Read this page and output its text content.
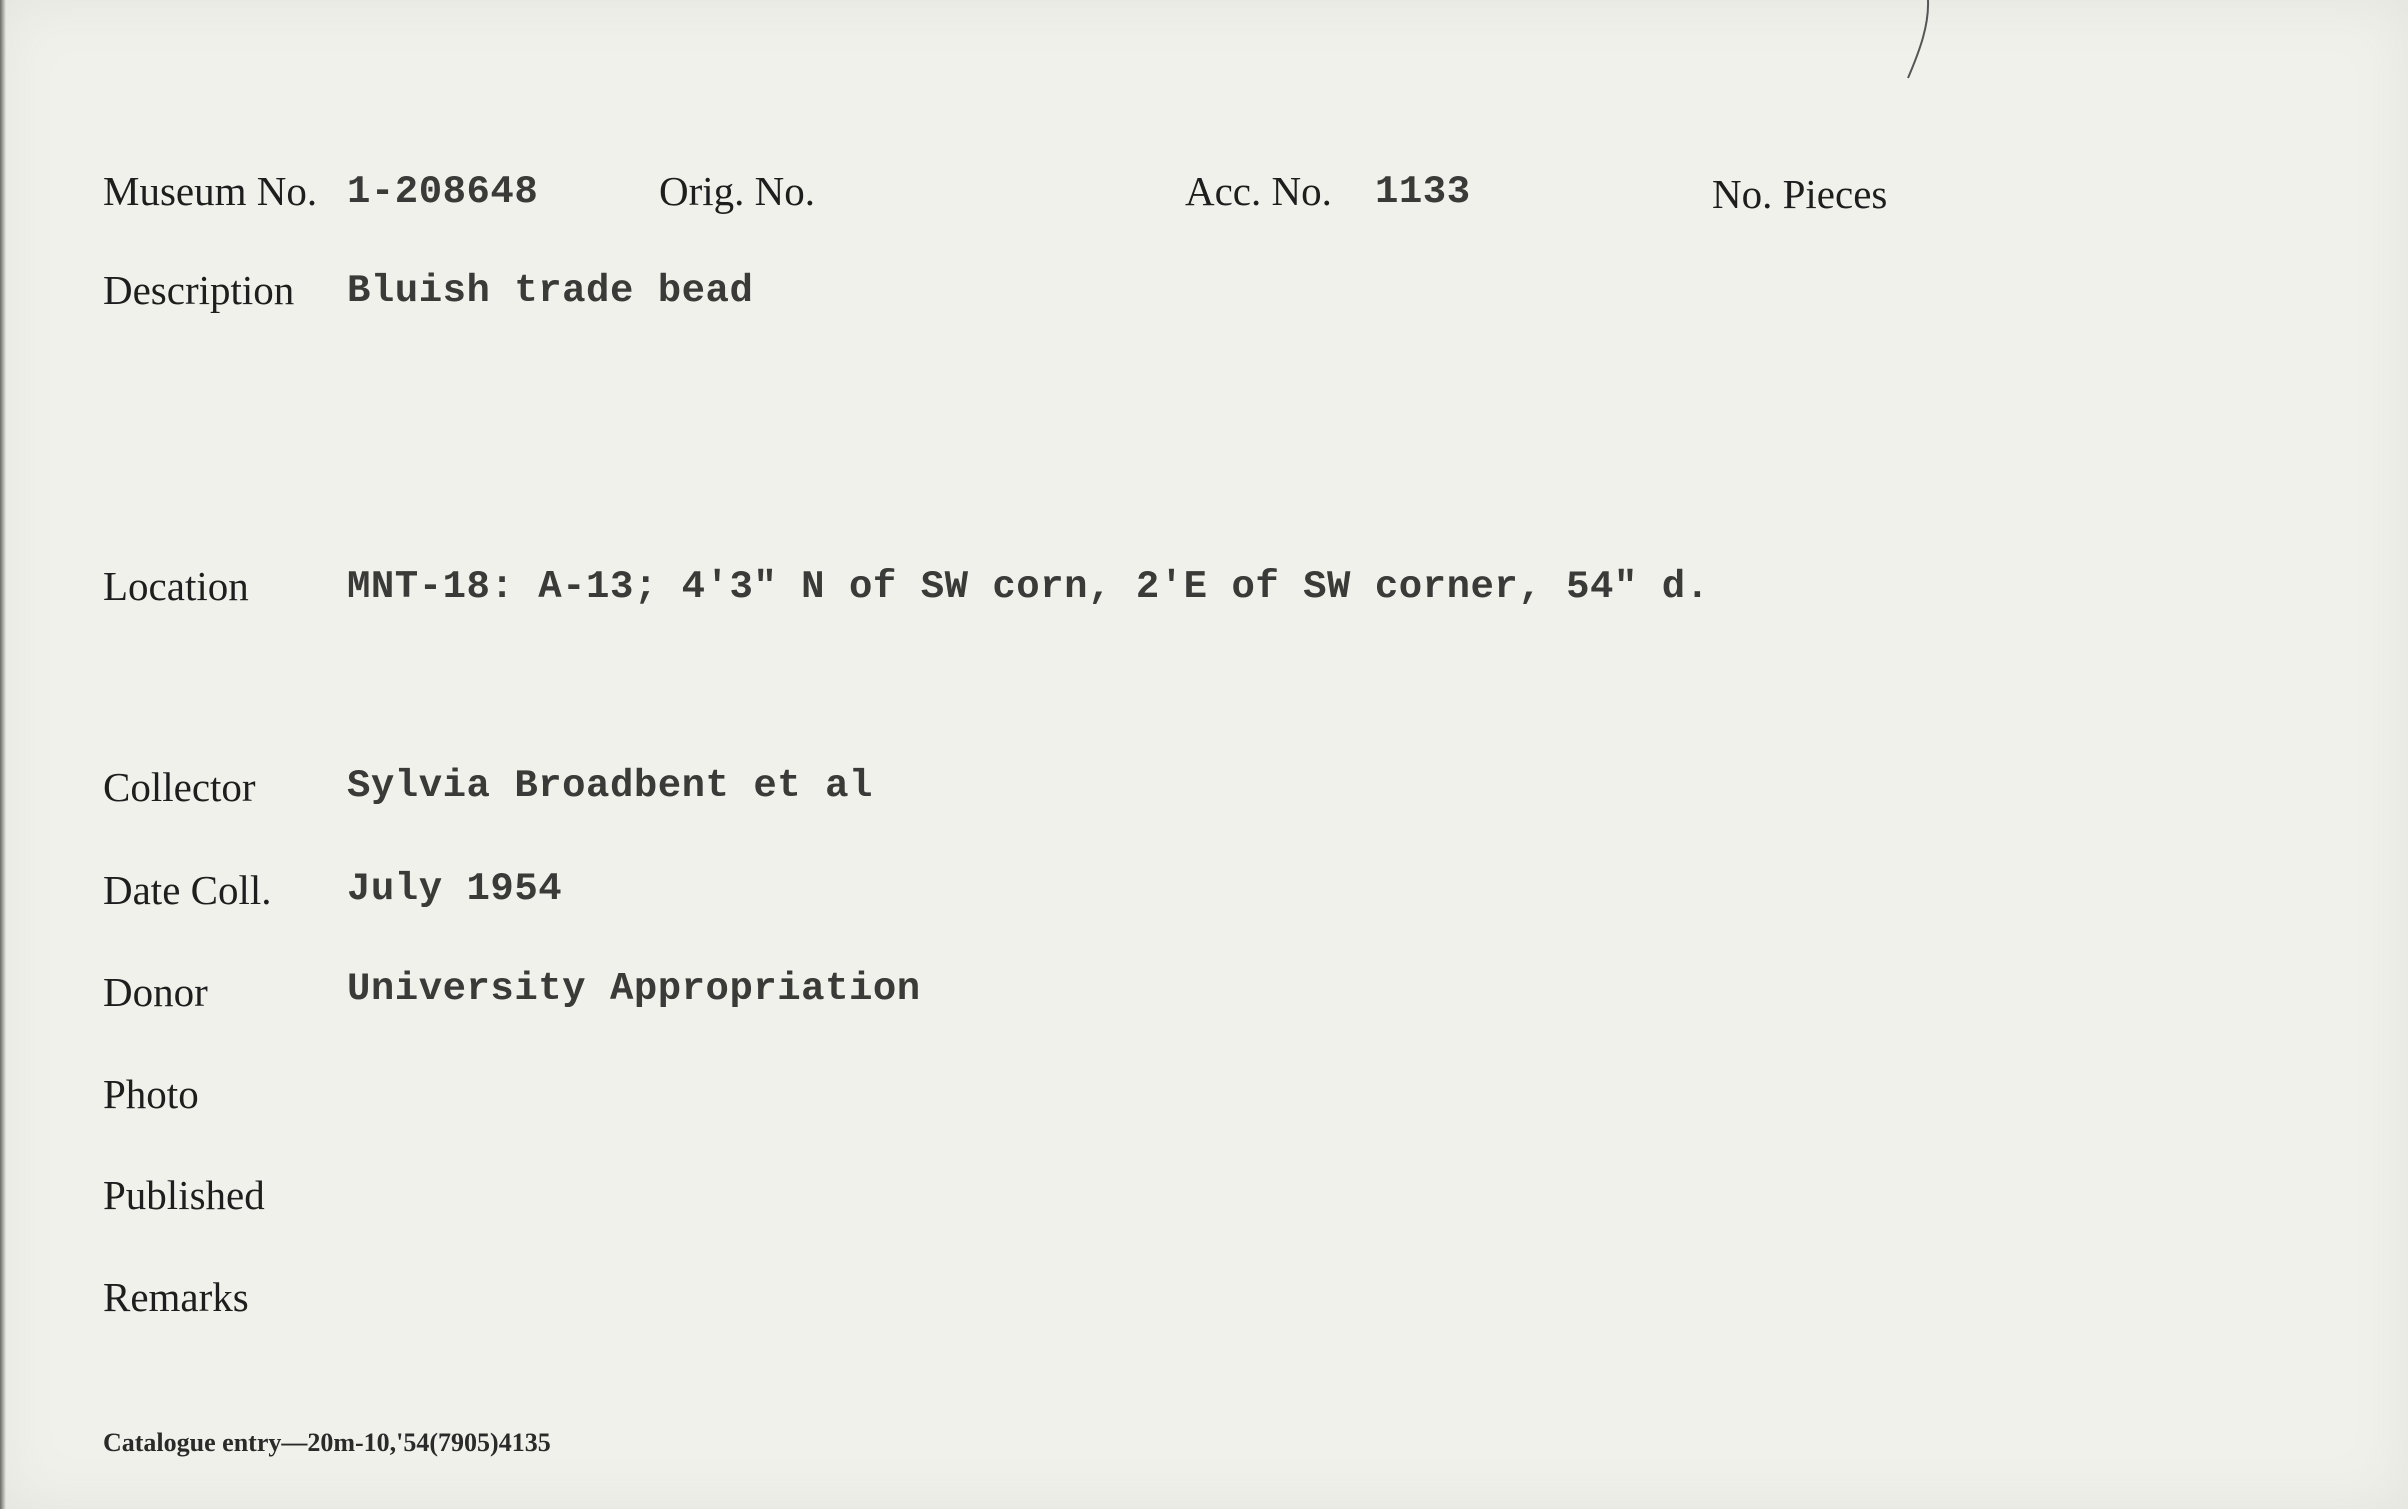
Museum No. 1-208648	Orig. No.	Acc. No. 1133	No. Pieces
Description Bluish trade bead
Location	MNT-18: A-13; 4'3" N of SW corn, 2'E of SW corner, 54" d.
Collector Sylvia Broadbent et al
Date Coll. July 1954
Donor	University Appropriation
Photo
Published
Remarks
Catalogue entry—20m-10,'54(7905)4135
